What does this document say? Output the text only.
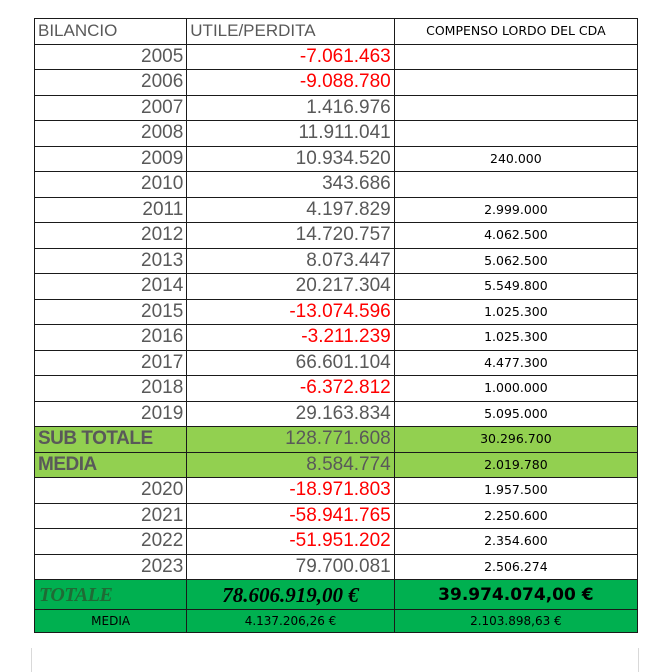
BILANCIO	UTILE/PERDITA	COMPENSO LORDO DEL CDA
2005	-7.061.463	
2006	-9.088.780	
2007	1.416.976	
2008	11.911.041	
2009	10.934.520	240.000
2010	343.686	
2011	4.197.829	2.999.000
2012	14.720.757	4.062.500
2013	8.073.447	5.062.500
2014	20.217.304	5.549.800
2015	-13.074.596	1.025.300
2016	-3.211.239	1.025.300
2017	66.601.104	4.477.300
2018	-6.372.812	1.000.000
2019	29.163.834	5.095.000
SUB TOTALE	128.771.608	30.296.700
MEDIA	8.584.774	2.019.780
2020	-18.971.803	1.957.500
2021	-58.941.765	2.250.600
2022	-51.951.202	2.354.600
2023	79.700.081	2.506.274
TOTALE	78.606.919,00 €	39.974.074,00 €
MEDIA	4.137.206,26 €	2.103.898,63 €
